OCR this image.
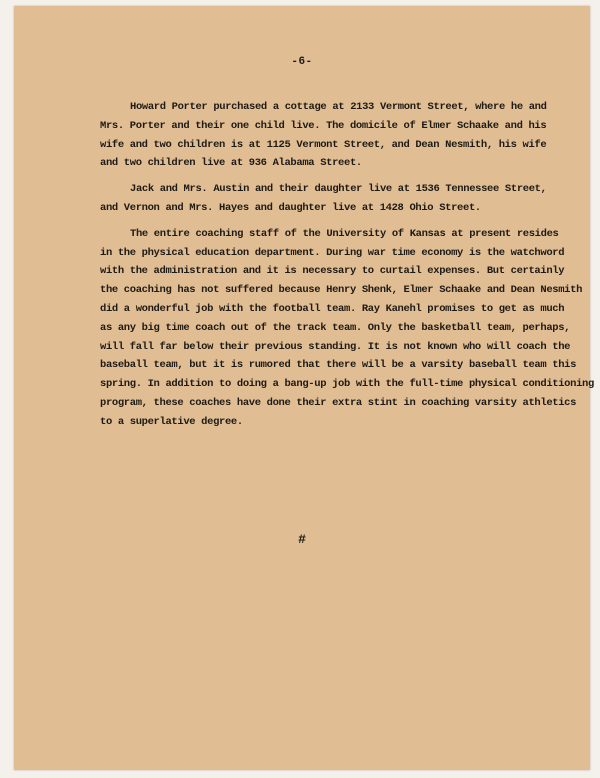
-6-

Howard Porter purchased a cottage at 2133 Vermont Street, where he and
Mrs. Porter and their one child live. The domicile of Elmer Schaake and his
wife and two children is at 1125 Vermont Street, and Dean Nesmith, his wife
and two children live at 936 Alabama Street.

Jack and Mrs. Austin and their daughter live at 1536 Tennessee Street,
and Vernon and Mrs. Hayes and daughter live at 1428 Ohio Street.

The entire coaching staff of the University of Kansas at present resides
in the physical education department. During war time economy is the watchword
with the administration and it is necessary to curtail expenses. But certainly
the coaching has not suffered because Henry Shenk, Elmer Schaake and Dean Nesmith
did a wonderful job with the football team. Ray Kanehl promises to get as much
as any big time coach out of the track team. Only the basketball team, perhaps,
will fall far below their previous standing. It is not known who will coach the
baseball team, but it is rumored that there will be a varsity baseball team this
spring. In addition to doing a bang-up job with the full-time physical conditioning
program, these coaches have done their extra stint in coaching varsity athletics
to a superlative degree.

#
